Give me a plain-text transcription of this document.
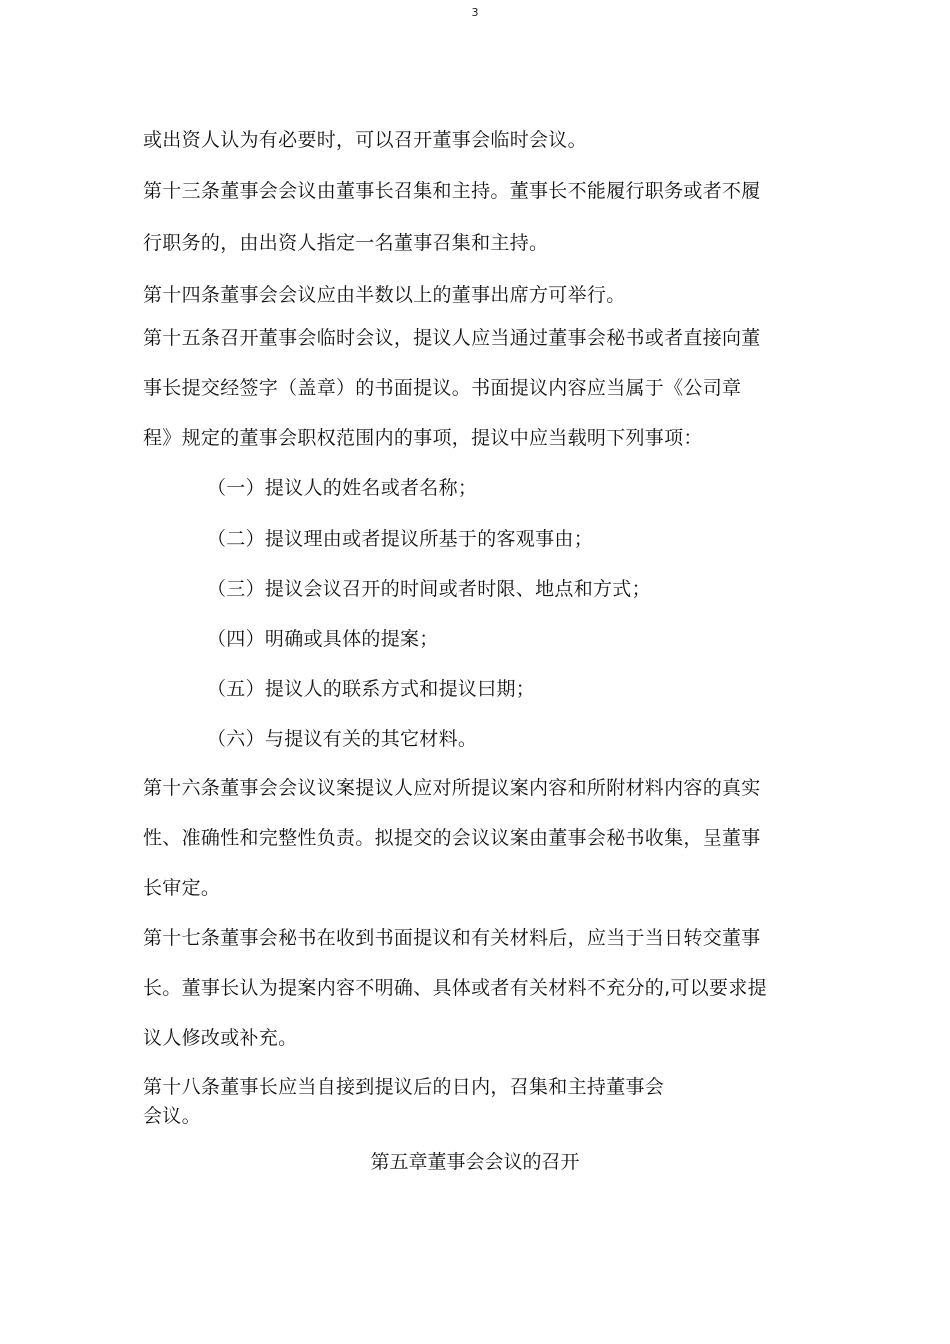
3
或出资人认为有必要时，可以召开董事会临时会议。
第十三条董事会会议由董事长召集和主持。董事长不能履行职务或者不履
行职务的，由出资人指定一名董事召集和主持。
第十四条董事会会议应由半数以上的董事出席方可举行。
第十五条召开董事会临时会议，提议人应当通过董事会秘书或者直接向董
事长提交经签字（盖章）的书面提议。书面提议内容应当属于《公司章
程》规定的董事会职权范围内的事项，提议中应当载明下列事项：
（一）提议人的姓名或者名称；
（二）提议理由或者提议所基于的客观事由；
（三）提议会议召开的时间或者时限、地点和方式；
（四）明确或具体的提案；
（五）提议人的联系方式和提议曰期；
（六）与提议有关的其它材料。
第十六条董事会会议议案提议人应对所提议案内容和所附材料内容的真实
性、准确性和完整性负责。拟提交的会议议案由董事会秘书收集，呈董事
长审定。
第十七条董事会秘书在收到书面提议和有关材料后，应当于当日转交董事
长。董事长认为提案内容不明确、具体或者有关材料不充分的,可以要求提
议人修改或补充。
第十八条董事长应当自接到提议后的日内，召集和主持董事会
会议。
第五章董事会会议的召开
